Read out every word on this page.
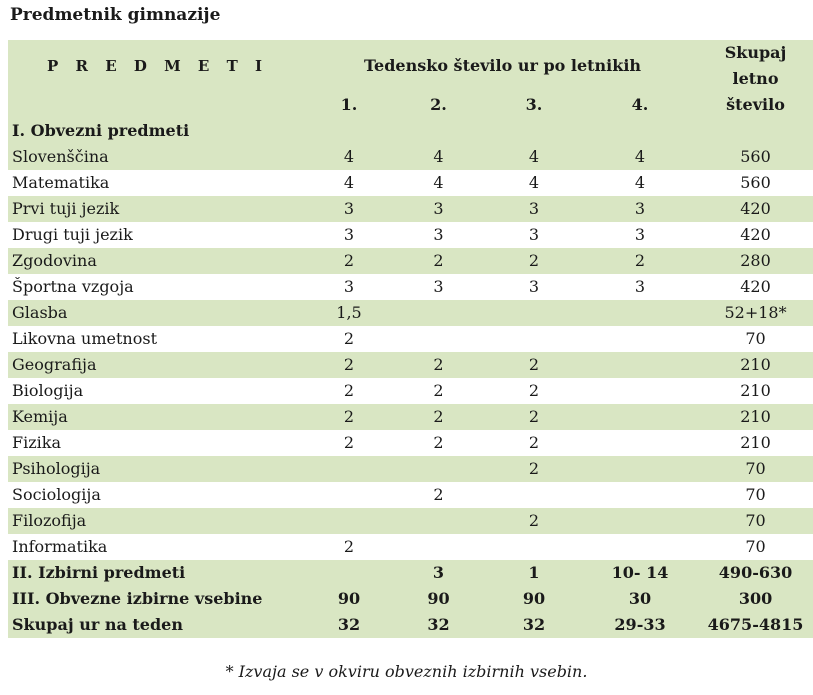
Predmetnik gimnazije
P R E D M E T I	Tedensko število ur po letnikih				Skupaj
letno

	1.	2.	3.	4.	število
I. Obvezni predmeti					
Slovenščina	4	4	4	4	560
Matematika	4	4	4	4	560
Prvi tuji jezik	3	3	3	3	420
Drugi tuji jezik	3	3	3	3	420
Zgodovina	2	2	2	2	280
Športna vzgoja	3	3	3	3	420
Glasba	1,5				52+18*
Likovna umetnost	2				70
Geografija	2	2	2		210
Biologija	2	2	2		210
Kemija	2	2	2		210
Fizika	2	2	2		210
Psihologija			2		70
Sociologija		2			70
Filozofija			2		70
Informatika	2				70
II. Izbirni predmeti		3	1	10- 14	490-630
III. Obvezne izbirne vsebine	90	90	90	30	300
Skupaj ur na teden	32	32	32	29-33	4675-4815
* Izvaja se v okviru obveznih izbirnih vsebin.
